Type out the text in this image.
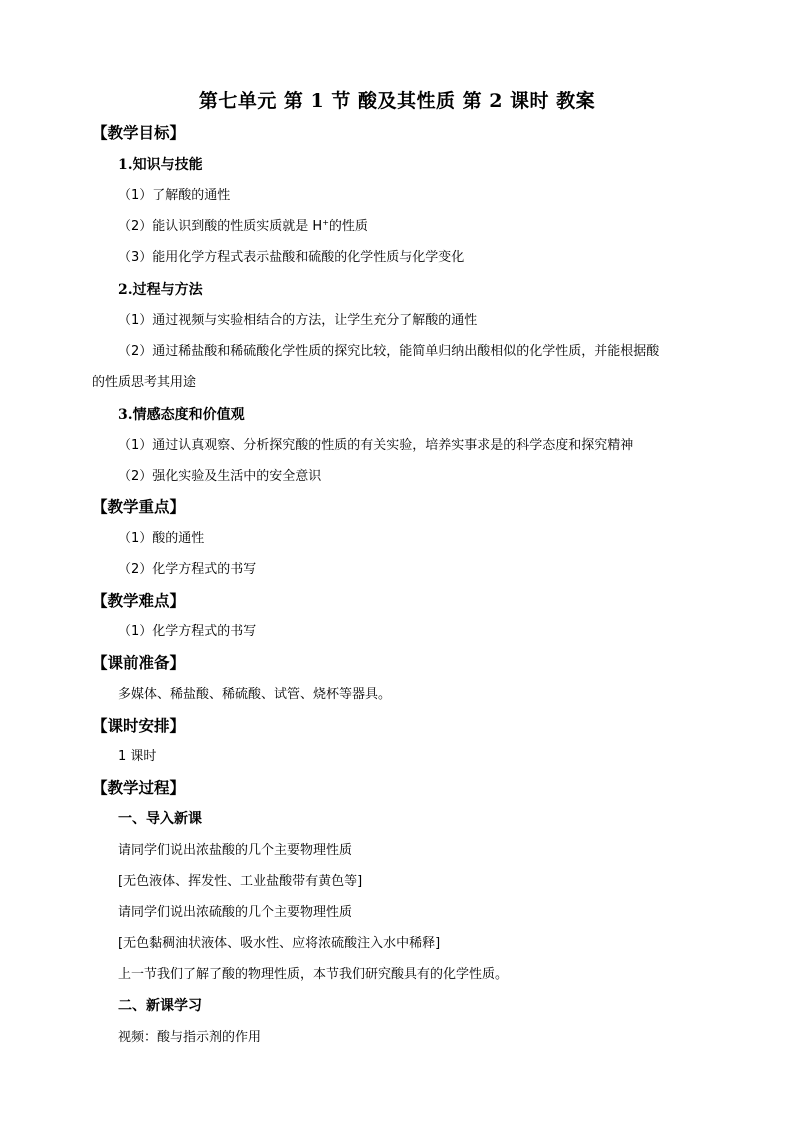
第七单元 第 1 节 酸及其性质 第 2 课时 教案
【教学目标】
1.知识与技能
（1）了解酸的通性
（2）能认识到酸的性质实质就是 H+的性质
（3）能用化学方程式表示盐酸和硫酸的化学性质与化学变化
2.过程与方法
（1）通过视频与实验相结合的方法，让学生充分了解酸的通性
（2）通过稀盐酸和稀硫酸化学性质的探究比较，能简单归纳出酸相似的化学性质，并能根据酸
的性质思考其用途
3.情感态度和价值观
（1）通过认真观察、分析探究酸的性质的有关实验，培养实事求是的科学态度和探究精神
（2）强化实验及生活中的安全意识
【教学重点】
（1）酸的通性
（2）化学方程式的书写
【教学难点】
（1）化学方程式的书写
【课前准备】
多媒体、稀盐酸、稀硫酸、试管、烧杯等器具。
【课时安排】
1 课时
【教学过程】
一、导入新课
请同学们说出浓盐酸的几个主要物理性质
[无色液体、挥发性、工业盐酸带有黄色等]
请同学们说出浓硫酸的几个主要物理性质
[无色黏稠油状液体、吸水性、应将浓硫酸注入水中稀释]
上一节我们了解了酸的物理性质，本节我们研究酸具有的化学性质。
二、新课学习
视频：酸与指示剂的作用
